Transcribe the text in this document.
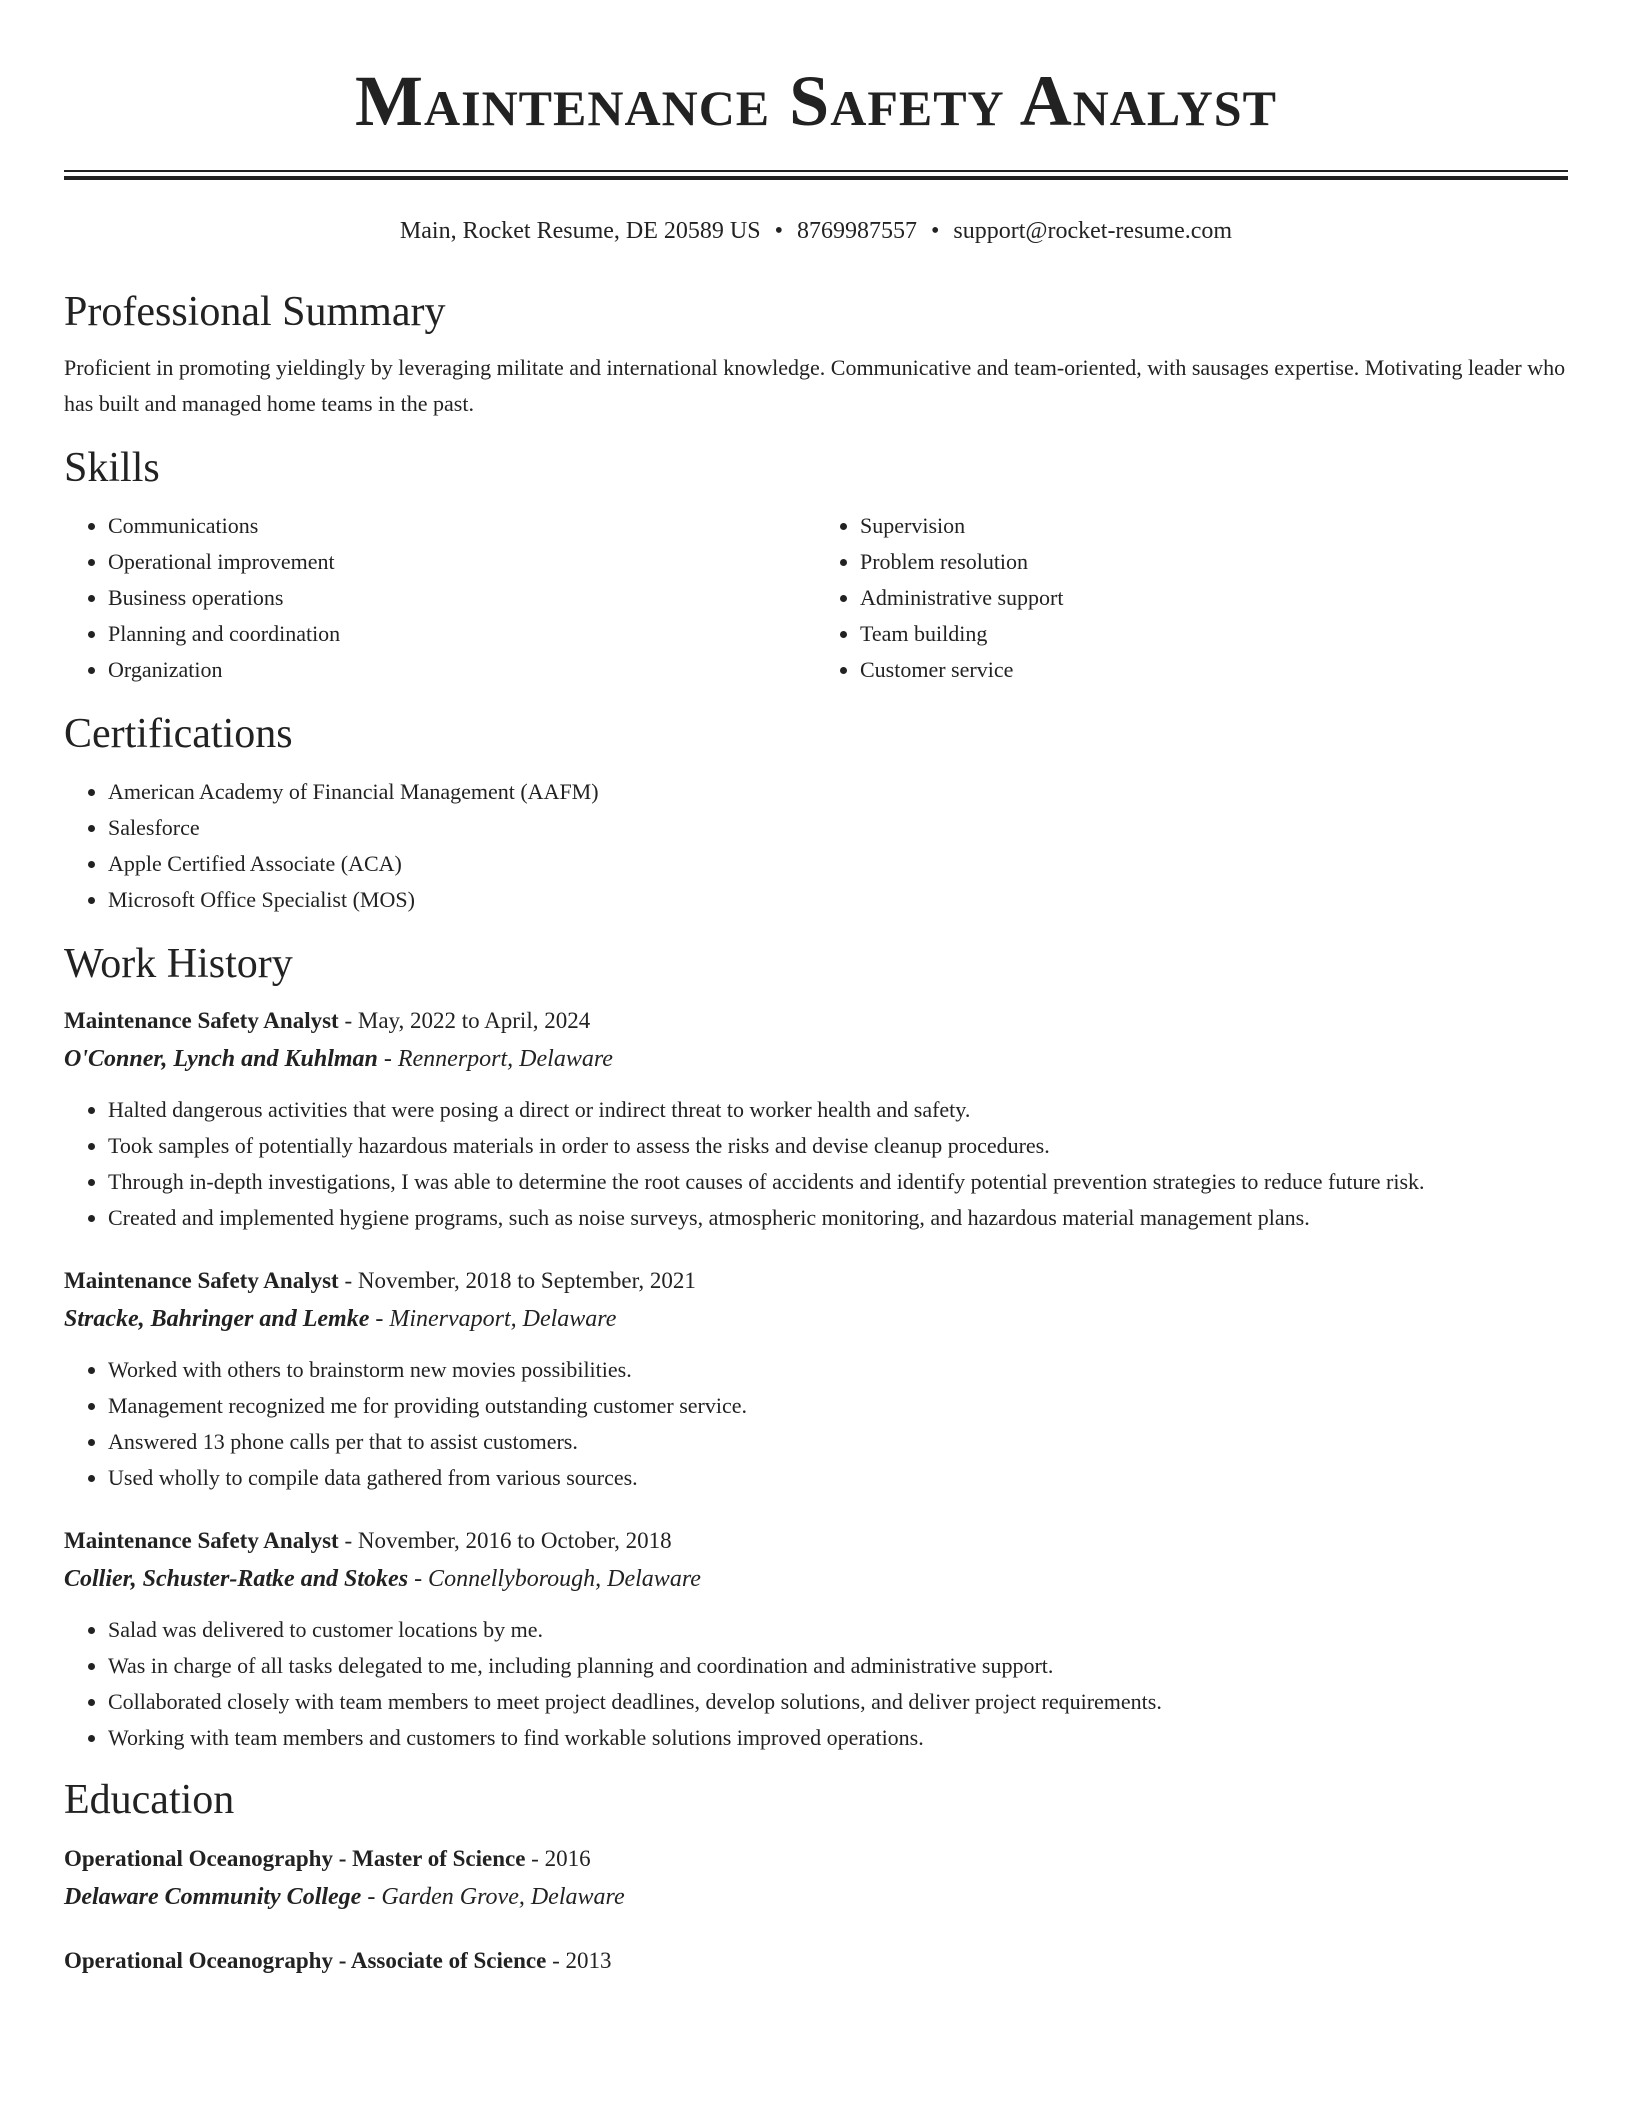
Maintenance Safety Analyst
Main, Rocket Resume, DE 20589 US • 8769987557 • support@rocket-resume.com
Professional Summary

Proficient in promoting yieldingly by leveraging militate and international knowledge. Communicative and team-oriented, with sausages expertise. Motivating leader who has built and managed home teams in the past.

Skills
• Communications
• Operational improvement
• Business operations
• Planning and coordination
• Organization
• Supervision
• Problem resolution
• Administrative support
• Team building
• Customer service
Certifications
• American Academy of Financial Management (AAFM)
• Salesforce
• Apple Certified Associate (ACA)
• Microsoft Office Specialist (MOS)
Work History
Maintenance Safety Analyst - May, 2022 to April, 2024
O'Conner, Lynch and Kuhlman - Rennerport, Delaware
• Halted dangerous activities that were posing a direct or indirect threat to worker health and safety.
• Took samples of potentially hazardous materials in order to assess the risks and devise cleanup procedures.
• Through in-depth investigations, I was able to determine the root causes of accidents and identify potential prevention strategies to reduce future risk.
• Created and implemented hygiene programs, such as noise surveys, atmospheric monitoring, and hazardous material management plans.
Maintenance Safety Analyst - November, 2018 to September, 2021
Stracke, Bahringer and Lemke - Minervaport, Delaware
• Worked with others to brainstorm new movies possibilities.
• Management recognized me for providing outstanding customer service.
• Answered 13 phone calls per that to assist customers.
• Used wholly to compile data gathered from various sources.
Maintenance Safety Analyst - November, 2016 to October, 2018
Collier, Schuster-Ratke and Stokes - Connellyborough, Delaware
• Salad was delivered to customer locations by me.
• Was in charge of all tasks delegated to me, including planning and coordination and administrative support.
• Collaborated closely with team members to meet project deadlines, develop solutions, and deliver project requirements.
• Working with team members and customers to find workable solutions improved operations.
Education
Operational Oceanography - Master of Science - 2016
Delaware Community College - Garden Grove, Delaware
Operational Oceanography - Associate of Science - 2013
